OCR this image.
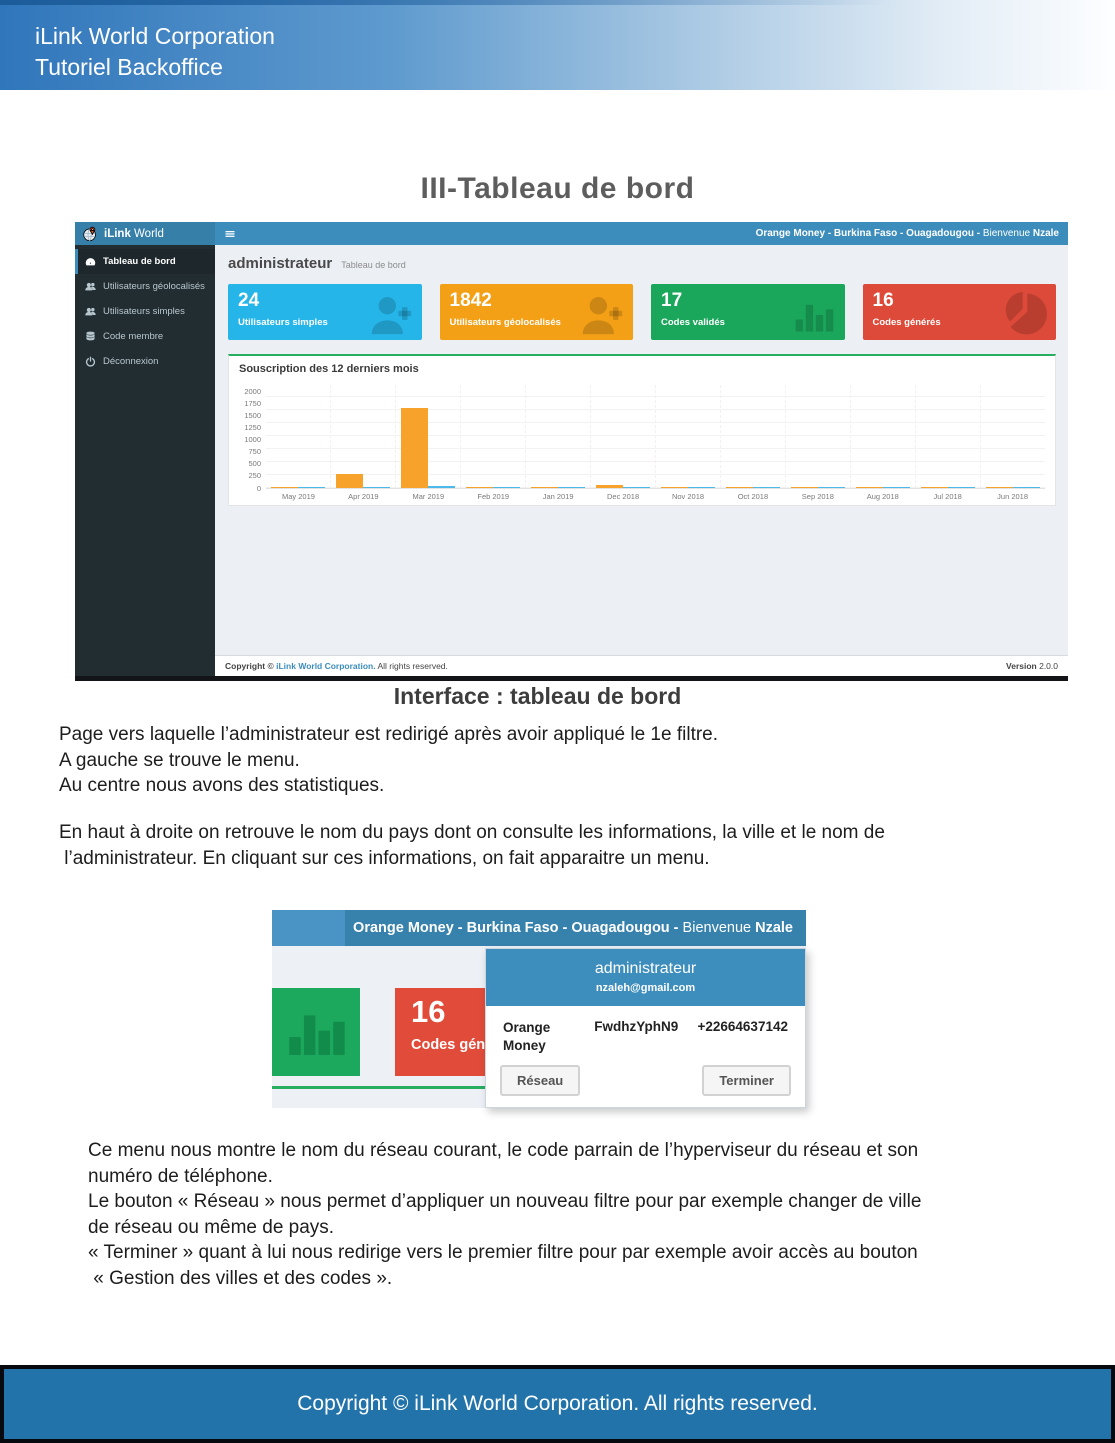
iLink World Corporation
Tutoriel Backoffice
III-Tableau de bord
iLink World	Orange Money - Burkina Faso - Ouagadougou - Bienvenue Nzale
Tableau de bord
Utilisateurs géolocalisés
Utilisateurs simples
Code membre
Déconnexion
administrateur Tableau de bord
24
Utilisateurs simples
1842
Utilisateurs géolocalisés
17
Codes validés
16
Codes générés
Souscription des 12 derniers mois
2000
1750
1500
1250
1000
750
500
250
0
May 2019	Apr 2019	Mar 2019	Feb 2019	Jan 2019	Dec 2018	Nov 2018	Oct 2018	Sep 2018	Aug 2018	Jul 2018	Jun 2018
Copyright © iLink World Corporation. All rights reserved.	Version 2.0.0
Interface : tableau de bord
Page vers laquelle l’administrateur est redirigé après avoir appliqué le 1e filtre.
A gauche se trouve le menu.
Au centre nous avons des statistiques.
En haut à droite on retrouve le nom du pays dont on consulte les informations, la ville et le nom de
l’administrateur. En cliquant sur ces informations, on fait apparaitre un menu.
Ce menu nous montre le nom du réseau courant, le code parrain de l’hyperviseur du réseau et son
numéro de téléphone.
Le bouton « Réseau » nous permet d’appliquer un nouveau filtre pour par exemple changer de ville
de réseau ou même de pays.
« Terminer » quant à lui nous redirige vers le premier filtre pour par exemple avoir accès au bouton
« Gestion des villes et des codes ».
Orange Money - Burkina Faso - Ouagadougou - Bienvenue Nzale
16
Codes gén
administrateur
nzaleh@gmail.com
Orange Money
FwdhzYphN9 +22664637142
Réseau	Terminer
Copyright © iLink World Corporation. All rights reserved.
